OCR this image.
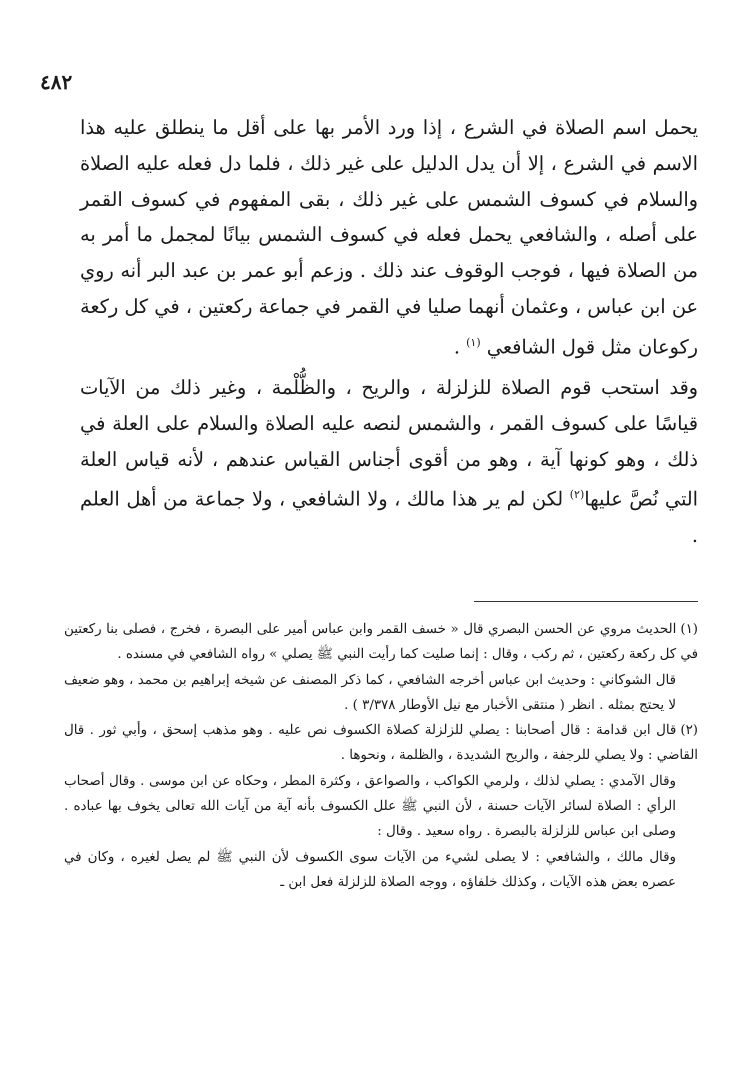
٤٨٢

يحمل اسم الصلاة في الشرع ، إذا ورد الأمر بها على أقل ما ينطلق عليه هذا الاسم في الشرع ، إلا أن يدل الدليل على غير ذلك ، فلما دل فعله عليه الصلاة والسلام في كسوف الشمس على غير ذلك ، بقى المفهوم في كسوف القمر على أصله ، والشافعي يحمل فعله في كسوف الشمس بيانًا لمجمل ما أمر به من الصلاة فيها ، فوجب الوقوف عند ذلك . وزعم أبو عمر بن عبد البر أنه روي عن ابن عباس ، وعثمان أنهما صليا في القمر في جماعة ركعتين ، في كل ركعة ركوعان مثل قول الشافعي $^{(١)}$ .

وقد استحب قوم الصلاة للزلزلة ، والريح ، والظُّلْمة ، وغير ذلك من الآيات قياسًا على كسوف القمر ، والشمس لنصه عليه الصلاة والسلام على العلة في ذلك ، وهو كونها آية ، وهو من أقوى أجناس القياس عندهم ، لأنه قياس العلة التي نُصَّ عليها$^{(٢)}$ لكن لم ير هذا مالك ، ولا الشافعي ، ولا جماعة من أهل العلم .

(١)الحديث مروي عن الحسن البصري قال « خسف القمر وابن عباس أمير على البصرة ، فخرج ، فصلى بنا ركعتين في كل ركعة ركعتين ، ثم ركب ، وقال : إنما صليت كما رأيت النبي ﷺ يصلي » رواه الشافعي في مسنده .

قال الشوكاني : وحديث ابن عباس أخرجه الشافعي ، كما ذكر المصنف عن شيخه إبراهيم بن محمد ، وهو ضعيف لا يحتج بمثله . انظر ( منتقى الأخبار مع نيل الأوطار ٣/٣٧٨ ) .

(٢)قال ابن قدامة : قال أصحابنا : يصلي للزلزلة كصلاة الكسوف نص عليه . وهو مذهب إسحق ، وأبي ثور . قال القاضي : ولا يصلي للرجفة ، والريح الشديدة ، والظلمة ، ونحوها .

وقال الآمدي : يصلي لذلك ، ولرمي الكواكب ، والصواعق ، وكثرة المطر ، وحكاه عن ابن موسى . وقال أصحاب الرأي : الصلاة لسائر الآيات حسنة ، لأن النبي ﷺ علل الكسوف بأنه آية من آيات الله تعالى يخوف بها عباده . وصلى ابن عباس للزلزلة بالبصرة . رواه سعيد . وقال :

وقال مالك ، والشافعي : لا يصلى لشيء من الآيات سوى الكسوف لأن النبي ﷺ لم يصل لغيره ، وكان في عصره بعض هذه الآيات ، وكذلك خلفاؤه ، ووجه الصلاة للزلزلة فعل ابن ـ
